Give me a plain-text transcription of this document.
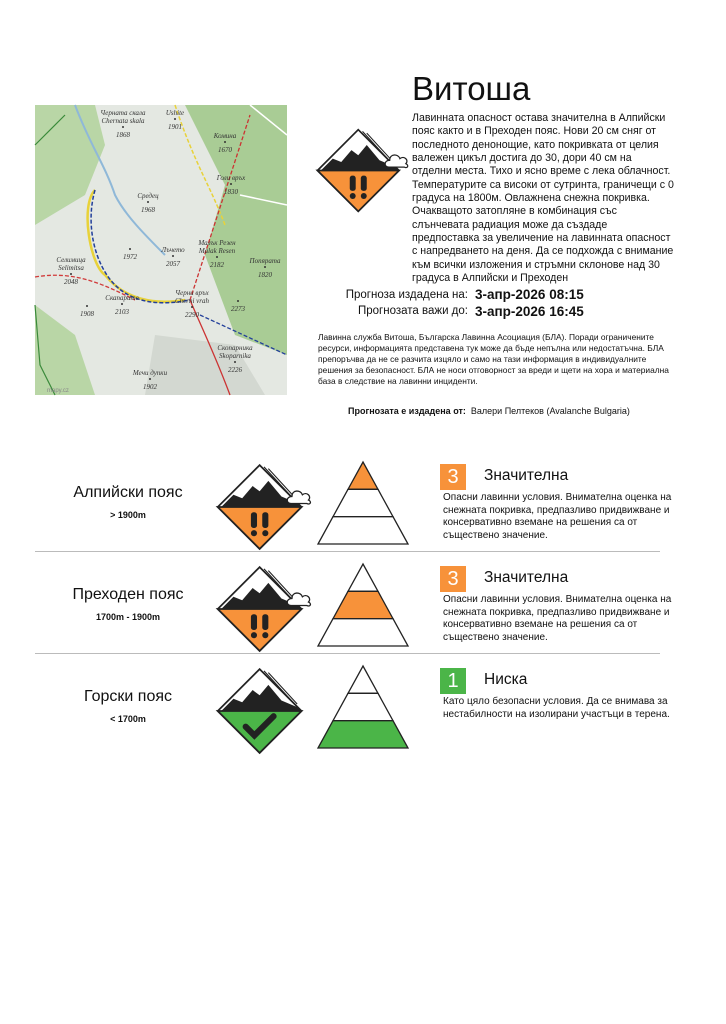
Черната скала
Chernata skala
1868
Ushite
1901
Комина
1670
Голи връх
1830
Средец
1968
1972
Лъчето
2057
Малък Резен
Malak Resen
2182
Селимица
Selimitsa
2048
Попярата
1820
Скапарите
2103
Черни връх
Cherni vrah
2290
2273
1908
Скопарника
Skoparnika
2226
Мечи дупки
1902
mapy.cz
Витоша
Лавинната опасност остава значителна в Алпийски пояс както и в Преходен пояс. Нови 20 см сняг от последното денонощие, като покривката от целия валежен цикъл достига до 30, дори 40 см на отделни места. Тихо и ясно време с лека облачност. Температурите са високи от сутринта, граничещи с 0 градуса на 1800м. Овлажнена снежна покривка. Очакващото затопляне в комбинация със слънчевата радиация може да създаде предпоставка за увеличение на лавинната опасност с напредването на деня. Да се подхожда с внимание към всички изложения и стръмни склонове над 30 градуса в Алпийски и Преходен
Прогноза издадена на: 3-апр-2026 08:15
Прогнозата важи до: 3-апр-2026 16:45
Лавинна служба Витоша, Българска Лавинна Асоциация (БЛА). Поради ограничените ресурси, информацията представена тук може да бъде непълна или недостатъчна. БЛА препоръчва да не се разчита изцяло и само на тази информация в индивидуалните решения за безопасност. БЛА не носи отговорност за вреди и щети на хора и материална база в следствие на лавинни инциденти.
Прогнозата е издадена от: Валери Пелтеков (Avalanche Bulgaria)
Алпийски пояс
> 1900m
3	Значителна
Опасни лавинни условия. Внимателна оценка на снежната покривка, предпазливо придвижване и консервативно вземане на решения са от съществено значение.
Преходен пояс
1700m - 1900m
3	Значителна
Опасни лавинни условия. Внимателна оценка на снежната покривка, предпазливо придвижване и консервативно вземане на решения са от съществено значение.
Горски пояс
< 1700m
1	Ниска
Като цяло безопасни условия. Да се внимава за нестабилности на изолирани участъци в терена.
